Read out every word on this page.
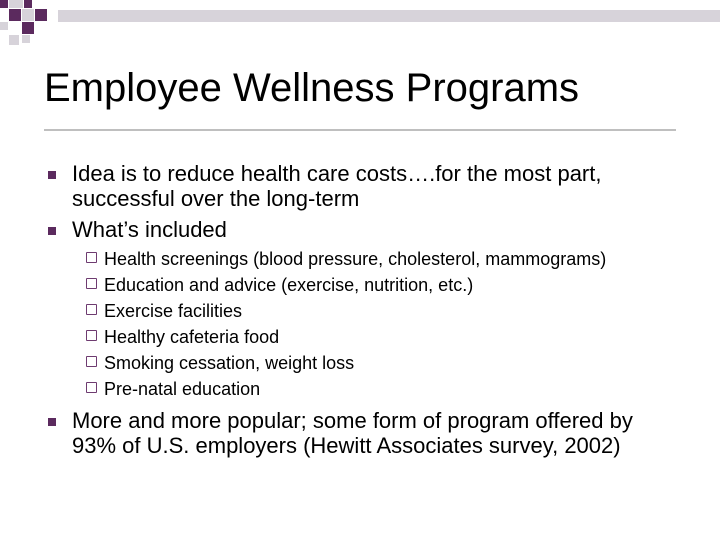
Employee Wellness Programs
Idea is to reduce health care costs….for the most part, successful over the long-term
What’s included
Health screenings (blood pressure, cholesterol, mammograms)
Education and advice (exercise, nutrition, etc.)
Exercise facilities
Healthy cafeteria food
Smoking cessation, weight loss
Pre-natal education
More and more popular; some form of program offered by 93% of U.S. employers (Hewitt Associates survey, 2002)
